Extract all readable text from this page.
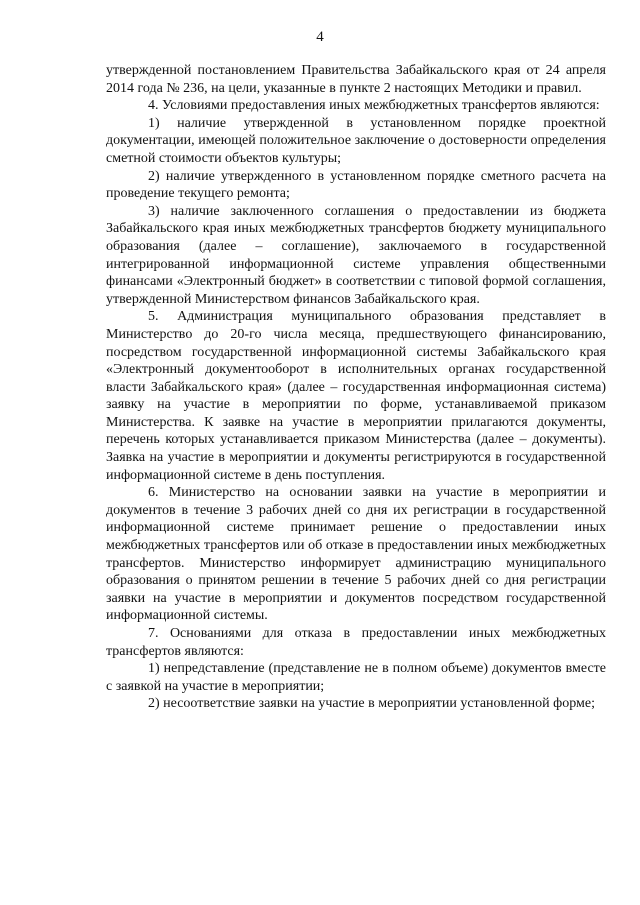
4

утвержденной постановлением Правительства Забайкальского края от 24 апреля 2014 года № 236, на цели, указанные в пункте 2 настоящих Методики и правил.

4. Условиями предоставления иных межбюджетных трансфертов являются:

1) наличие утвержденной в установленном порядке проектной документации, имеющей положительное заключение о достоверности определения сметной стоимости объектов культуры;

2) наличие утвержденного в установленном порядке сметного расчета на проведение текущего ремонта;

3) наличие заключенного соглашения о предоставлении из бюджета Забайкальского края иных межбюджетных трансфертов бюджету муниципального образования (далее – соглашение), заключаемого в государственной интегрированной информационной системе управления общественными финансами «Электронный бюджет» в соответствии с типовой формой соглашения, утвержденной Министерством финансов Забайкальского края.

5. Администрация муниципального образования представляет в Министерство до 20-го числа месяца, предшествующего финансированию, посредством государственной информационной системы Забайкальского края «Электронный документооборот в исполнительных органах государственной власти Забайкальского края» (далее – государственная информационная система) заявку на участие в мероприятии по форме, устанавливаемой приказом Министерства. К заявке на участие в мероприятии прилагаются документы, перечень которых устанавливается приказом Министерства (далее – документы). Заявка на участие в мероприятии и документы регистрируются в государственной информационной системе в день поступления.

6. Министерство на основании заявки на участие в мероприятии и документов в течение 3 рабочих дней со дня их регистрации в государственной информационной системе принимает решение о предоставлении иных межбюджетных трансфертов или об отказе в предоставлении иных межбюджетных трансфертов. Министерство информирует администрацию муниципального образования о принятом решении в течение 5 рабочих дней со дня регистрации заявки на участие в мероприятии и документов посредством государственной информационной системы.

7. Основаниями для отказа в предоставлении иных межбюджетных трансфертов являются:

1) непредставление (представление не в полном объеме) документов вместе с заявкой на участие в мероприятии;

2) несоответствие заявки на участие в мероприятии установленной форме;
